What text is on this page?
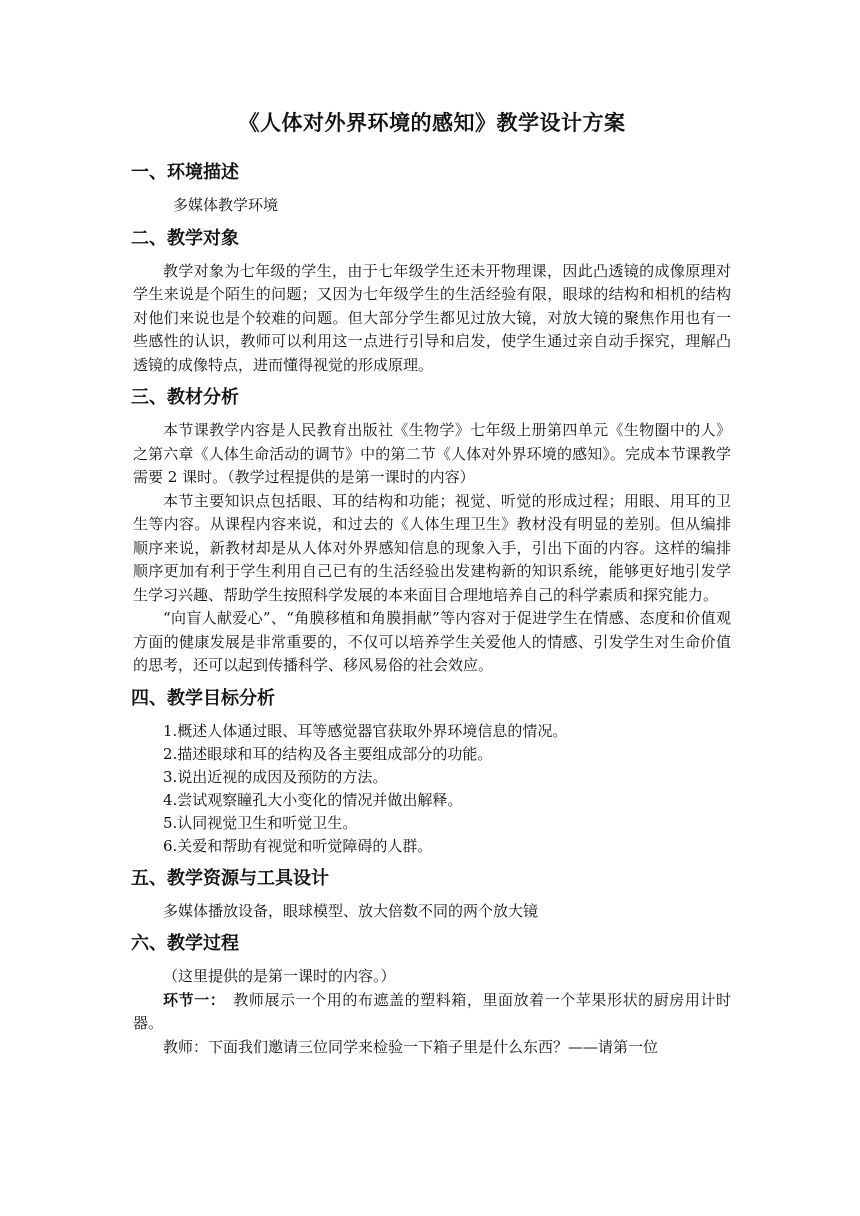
《人体对外界环境的感知》教学设计方案
一、环境描述

多媒体教学环境

二、教学对象

教学对象为七年级的学生，由于七年级学生还未开物理课，因此凸透镜的成像原理对学生来说是个陌生的问题；又因为七年级学生的生活经验有限，眼球的结构和相机的结构对他们来说也是个较难的问题。但大部分学生都见过放大镜，对放大镜的聚焦作用也有一些感性的认识，教师可以利用这一点进行引导和启发，使学生通过亲自动手探究，理解凸透镜的成像特点，进而懂得视觉的形成原理。

三、教材分析

本节课教学内容是人民教育出版社《生物学》七年级上册第四单元《生物圈中的人》之第六章《人体生命活动的调节》中的第二节《人体对外界环境的感知》。完成本节课教学需要 2 课时。（教学过程提供的是第一课时的内容）

本节主要知识点包括眼、耳的结构和功能；视觉、听觉的形成过程；用眼、用耳的卫生等内容。从课程内容来说，和过去的《人体生理卫生》教材没有明显的差别。但从编排顺序来说，新教材却是从人体对外界感知信息的现象入手，引出下面的内容。这样的编排顺序更加有利于学生利用自己已有的生活经验出发建构新的知识系统，能够更好地引发学生学习兴趣、帮助学生按照科学发展的本来面目合理地培养自己的科学素质和探究能力。

“向盲人献爱心”、“角膜移植和角膜捐献”等内容对于促进学生在情感、态度和价值观方面的健康发展是非常重要的，不仅可以培养学生关爱他人的情感、引发学生对生命价值的思考，还可以起到传播科学、移风易俗的社会效应。

四、教学目标分析
1.概述人体通过眼、耳等感觉器官获取外界环境信息的情况。
2.描述眼球和耳的结构及各主要组成部分的功能。
3.说出近视的成因及预防的方法。
4.尝试观察瞳孔大小变化的情况并做出解释。
5.认同视觉卫生和听觉卫生。
6.关爱和帮助有视觉和听觉障碍的人群。
五、教学资源与工具设计

多媒体播放设备，眼球模型、放大倍数不同的两个放大镜

六、教学过程

（这里提供的是第一课时的内容。）

环节一：　教师展示一个用的布遮盖的塑料箱，里面放着一个苹果形状的厨房用计时器。

教师：下面我们邀请三位同学来检验一下箱子里是什么东西？——请第一位
